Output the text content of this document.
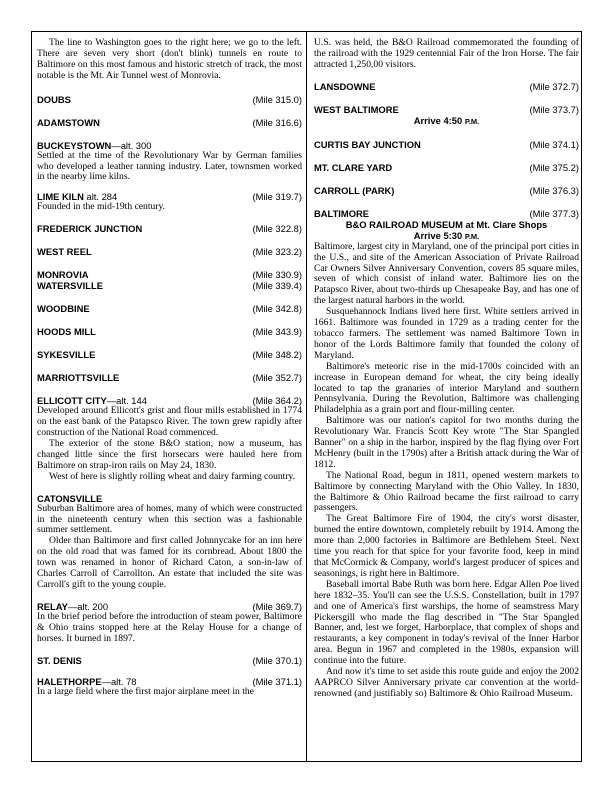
The line to Washington goes to the right here; we go to the left. There are seven very short (don't blink) tunnels en route to Baltimore on this most famous and historic stretch of track, the most notable is the Mt. Air Tunnel west of Monrovia.

DOUBS	(Mile 315.0)
ADAMSTOWN	(Mile 316.6)
BUCKEYSTOWN—alt. 300

Settled at the time of the Revolutionary War by German families who developed a leather tanning industry. Later, townsmen worked in the nearby lime kilns.

LIME KILN alt. 284	(Mile 319.7)

Founded in the mid-19th century.

FREDERICK JUNCTION	(Mile 322.8)
WEST REEL	(Mile 323.2)
MONROVIA	(Mile 330.9)
WATERSVILLE	(Mile 339.4)
WOODBINE	(Mile 342.8)
HOODS MILL	(Mile 343.9)
SYKESVILLE	(Mile 348.2)
MARRIOTTSVILLE	(Mile 352.7)
ELLICOTT CITY—alt. 144	(Mile 364.2)

Developed around Ellicott's grist and flour mills established in 1774 on the east bank of the Patapsco River. The town grew rapidly after construction of the National Road commenced.

The exterior of the stone B&O station, now a museum, has changed little since the first horsecars were hauled here from Baltimore on strap-iron rails on May 24, 1830.

West of here is slightly rolling wheat and dairy farming country.

CATONSVILLE

Suburban Baltimore area of homes, many of which were constructed in the nineteenth century when this section was a fashionable summer settlement.

Older than Baltimore and first called Johnnycake for an inn here on the old road that was famed for its cornbread. About 1800 the town was renamed in honor of Richard Caton, a son-in-law of Charles Carroll of Carrollton. An estate that included the site was Carroll's gift to the young couple.

RELAY—alt. 200	(Mile 369.7)

In the brief period before the introduction of steam power, Baltimore & Ohio trains stopped here at the Relay House for a change of horses. It burned in 1897.

ST. DENIS	(Mile 370.1)
HALETHORPE—alt. 78	(Mile 371.1)

In a large field where the first major airplane meet in the

U.S. was held, the B&O Railroad commemorated the founding of the railroad with the 1929 centennial Fair of the Iron Horse. The fair attracted 1,250,00 visitors.

LANSDOWNE	(Mile 372.7)
WEST BALTIMORE	(Mile 373.7)
Arrive 4:50 P.M.
CURTIS BAY JUNCTION	(Mile 374.1)
MT. CLARE YARD	(Mile 375.2)
CARROLL (PARK)	(Mile 376.3)
BALTIMORE	(Mile 377.3)
B&O RAILROAD MUSEUM at Mt. Clare Shops
Arrive 5:30 P.M.

Baltimore, largest city in Maryland, one of the principal port cities in the U.S., and site of the American Association of Private Railroad Car Owners Silver Anniversary Convention, covers 85 square miles, seven of which consist of inland water. Baltimore lies on the Patapsco River, about two-thirds up Chesapeake Bay, and has one of the largest natural harbors in the world.

Susquehannock Indians lived here first. White settlers arrived in 1661. Baltimore was founded in 1729 as a trading center for the tobacco farmers. The settlement was named Baltimore Town in honor of the Lords Baltimore family that founded the colony of Maryland.

Baltimore's meteoric rise in the mid-1700s coincided with an increase in European demand for wheat, the city being ideally located to tap the granaries of interior Maryland and southern Pennsylvania. During the Revolution, Baltimore was challenging Philadelphia as a grain port and flour-milling center.

Baltimore was our nation's capitol for two months during the Revolutionary War. Francis Scott Key wrote "The Star Spangled Banner" on a ship in the harbor, inspired by the flag flying over Fort McHenry (built in the 1790s) after a British attack during the War of 1812.

The National Road, begun in 1811, opened western markets to Baltimore by connecting Maryland with the Ohio Valley. In 1830, the Baltimore & Ohio Railroad became the first railroad to carry passengers.

The Great Baltimore Fire of 1904, the city's worst disaster, burned the entire downtown, completely rebuilt by 1914. Among the more than 2,000 factories in Baltimore are Bethlehem Steel. Next time you reach for that spice for your favorite food, keep in mind that McCormick & Company, world's largest producer of spices and seasonings, is right here in Baltimore.

Baseball imortal Babe Ruth was born here. Edgar Allen Poe lived here 1832–35. You'll can see the U.S.S. Constellation, built in 1797 and one of America's first warships, the home of seamstress Mary Pickersgill who made the flag described in "The Star Spangled Banner, and, lest we forget, Harborplace, that complex of shops and restaurants, a key component in today's revival of the Inner Harbor area. Begun in 1967 and completed in the 1980s, expansion will continue into the future.

And now it's time to set aside this route guide and enjoy the 2002 AAPRCO Silver Anniversary private car convention at the world-renowned (and justifiably so) Baltimore & Ohio Railroad Museum.
